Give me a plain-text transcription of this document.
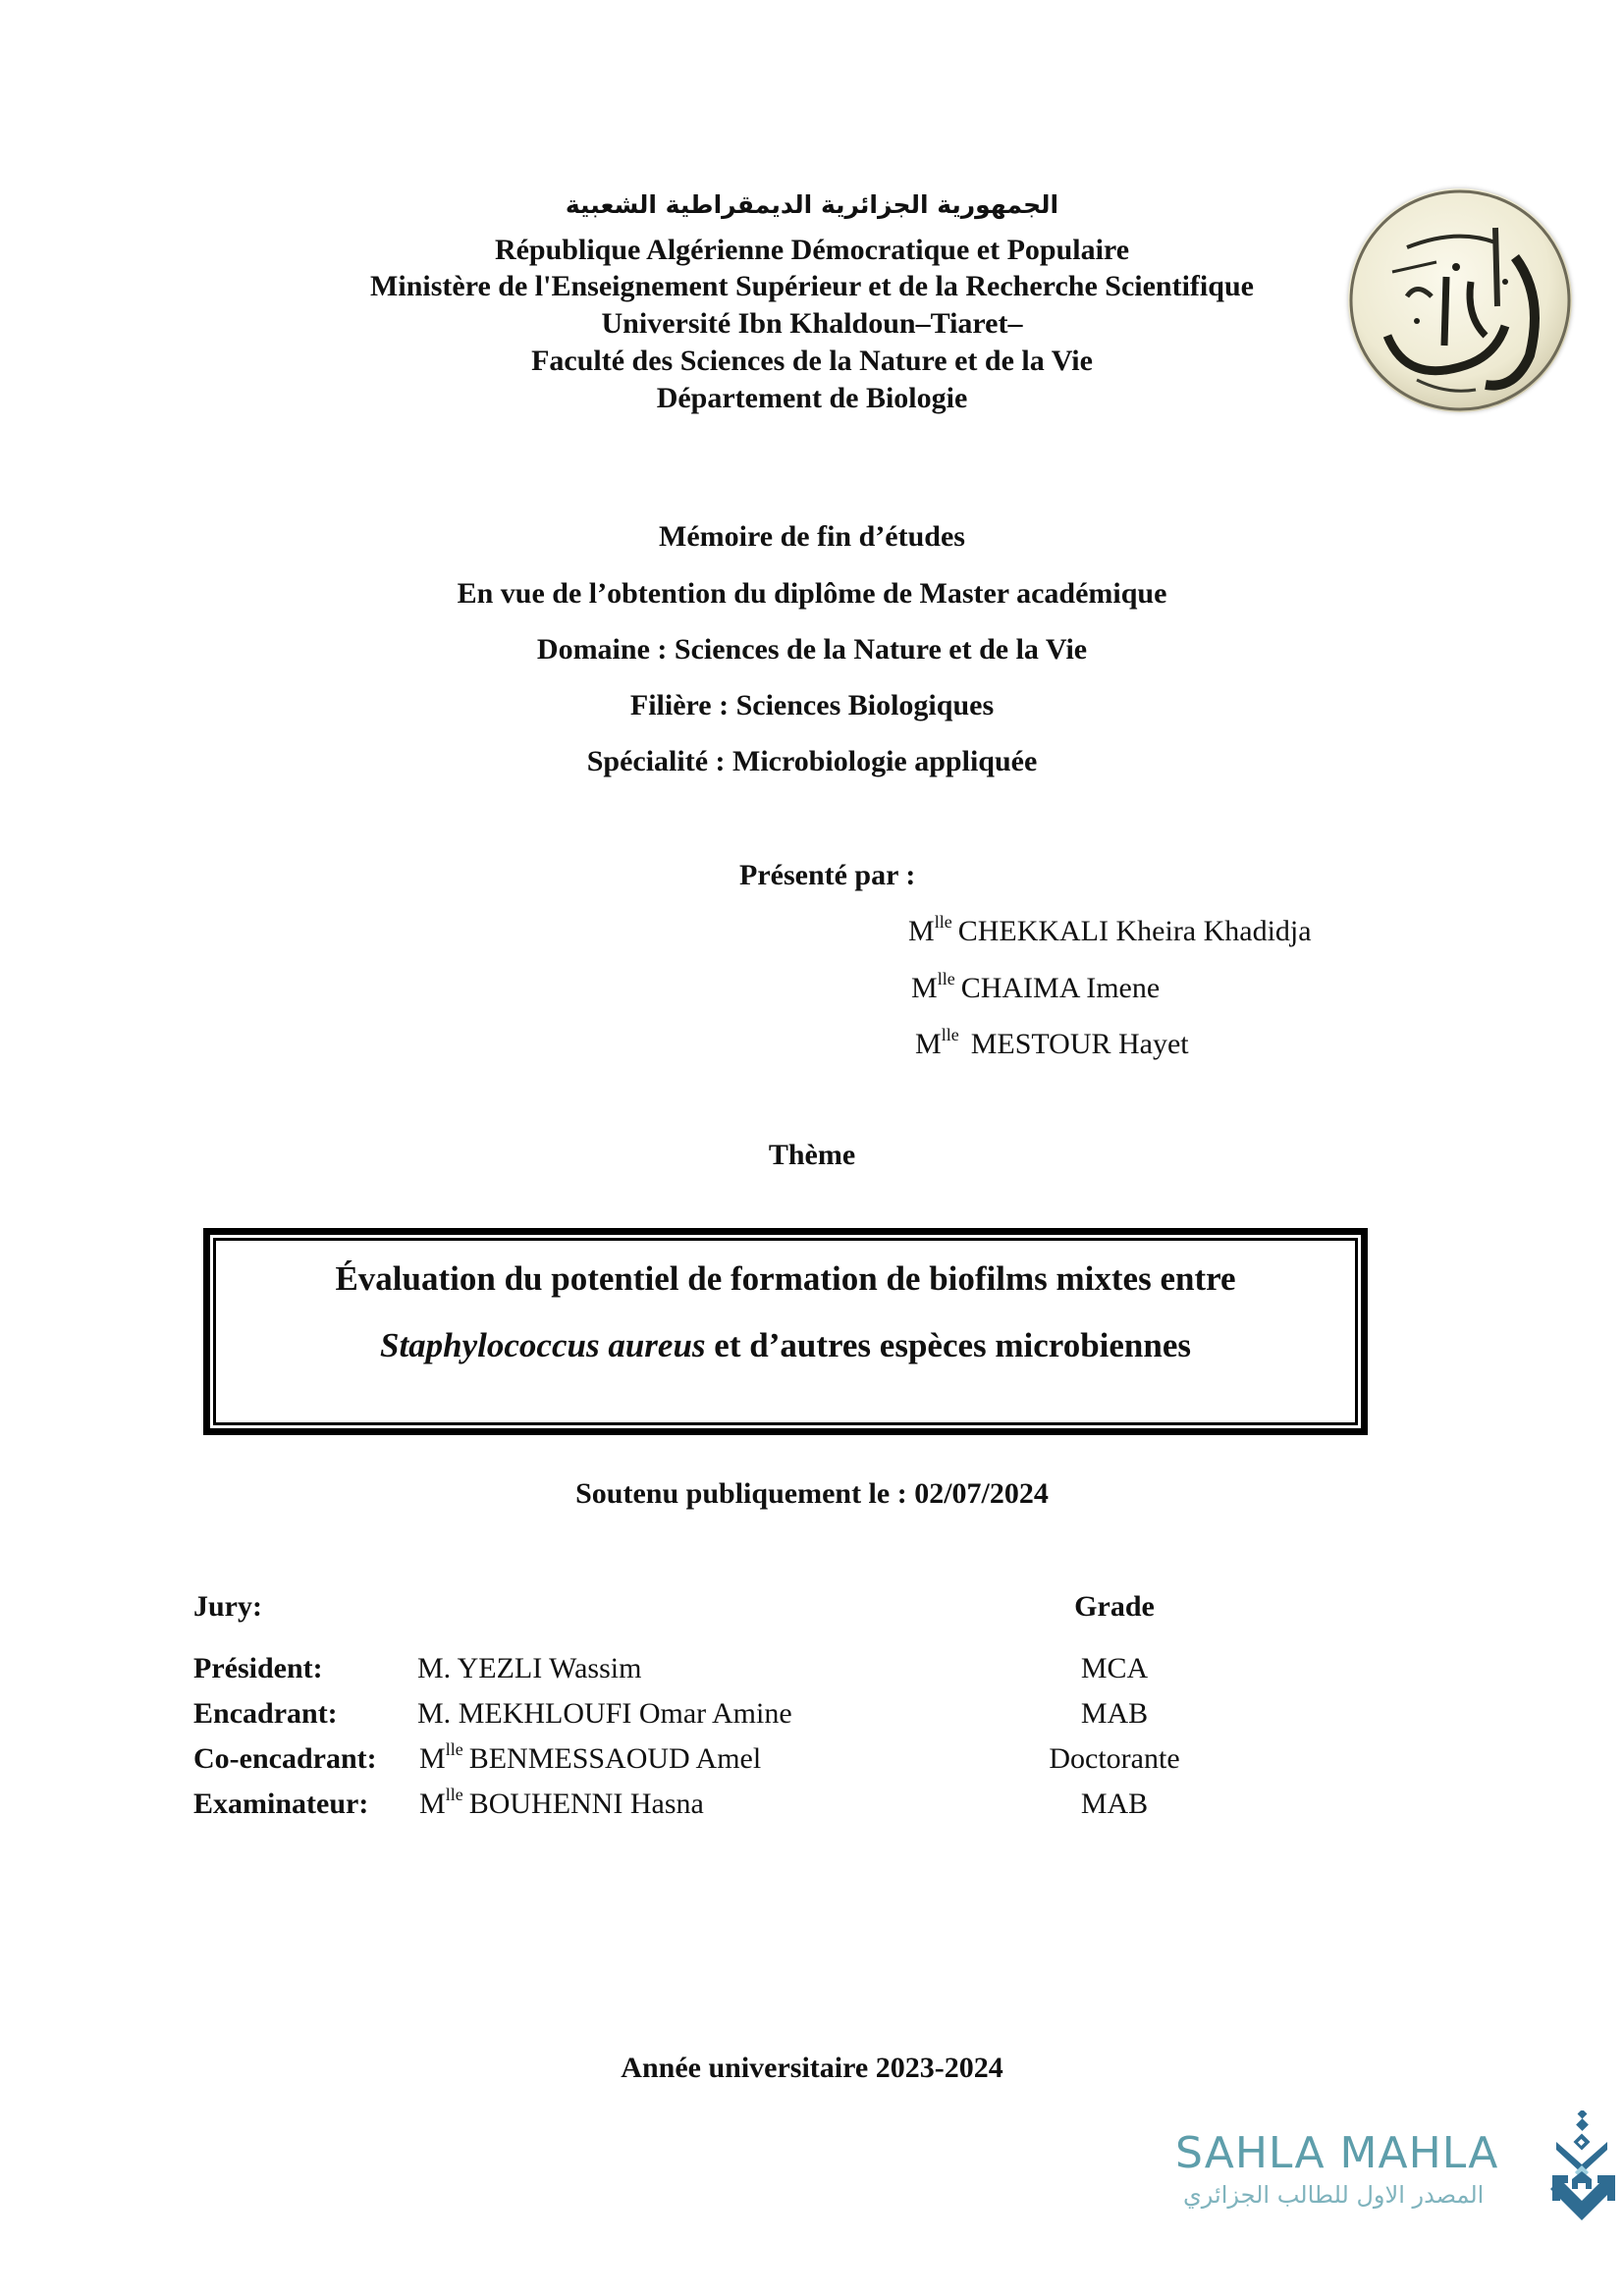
الجمهورية الجزائرية الديمقراطية الشعبية
République Algérienne Démocratique et Populaire
Ministère de l'Enseignement Supérieur et de la Recherche Scientifique
Université Ibn Khaldoun–Tiaret–
Faculté des Sciences de la Nature et de la Vie
Département de Biologie
Mémoire de fin d’études
En vue de l’obtention du diplôme de Master académique
Domaine : Sciences de la Nature et de la Vie
Filière : Sciences Biologiques
Spécialité : Microbiologie appliquée
Présenté par :
$M^{lle}$ CHEKKALI Kheira Khadidja
$M^{lle}$ CHAIMA Imene
$M^{lle}$ MESTOUR Hayet
Thème
Évaluation du potentiel de formation de biofilms mixtes entre
Staphylococcus aureus et d’autres espèces microbiennes
Soutenu publiquement le : 02/07/2024
Jury:	Grade
Président:	M. YEZLI Wassim	MCA
Encadrant:	M. MEKHLOUFI Omar Amine	MAB
Co-encadrant: $M^{lle}$ BENMESSAOUD Amel	Doctorante
Examinateur: $M^{lle}$ BOUHENNI Hasna	MAB
Année universitaire 2023-2024
SAHLA MAHLA
المصدر الاول للطالب الجزائري
